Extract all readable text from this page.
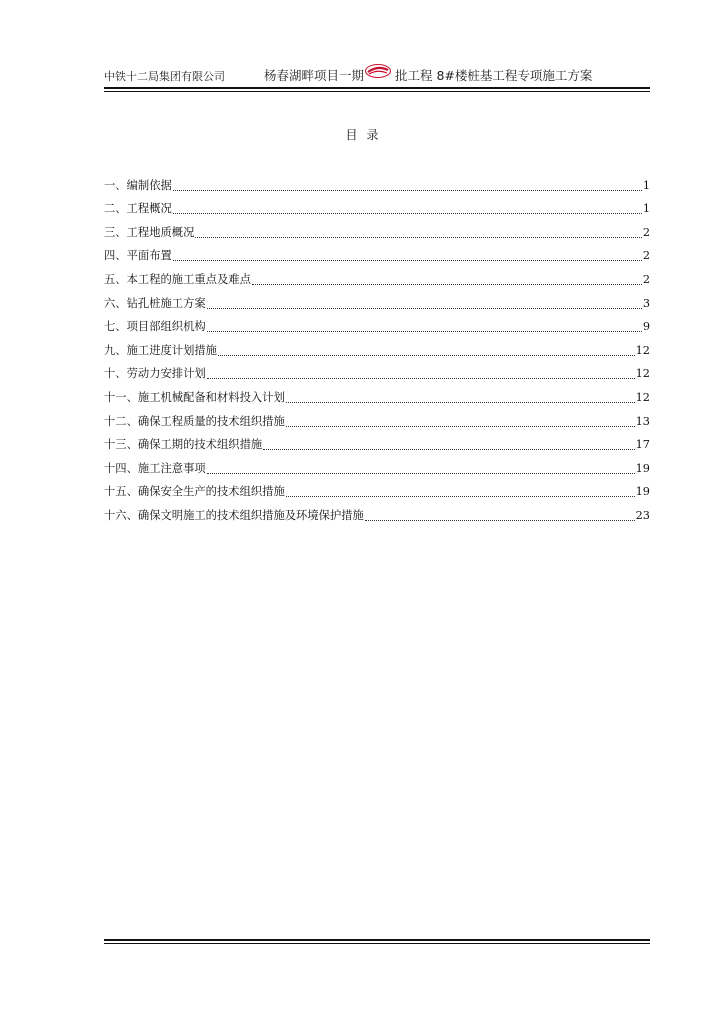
中铁十二局集团有限公司	杨春湖畔项目一期 批工程 8#楼桩基工程专项施工方案
目录
一、编制依据	1
二、工程概况	1
三、工程地质概况	2
四、平面布置	2
五、本工程的施工重点及难点	2
六、钻孔桩施工方案	3
七、项目部组织机构	9
九、施工进度计划措施	12
十、劳动力安排计划	12
十一、施工机械配备和材料投入计划	12
十二、确保工程质量的技术组织措施	13
十三、确保工期的技术组织措施	17
十四、施工注意事项	19
十五、确保安全生产的技术组织措施	19
十六、确保文明施工的技术组织措施及环境保护措施	23
